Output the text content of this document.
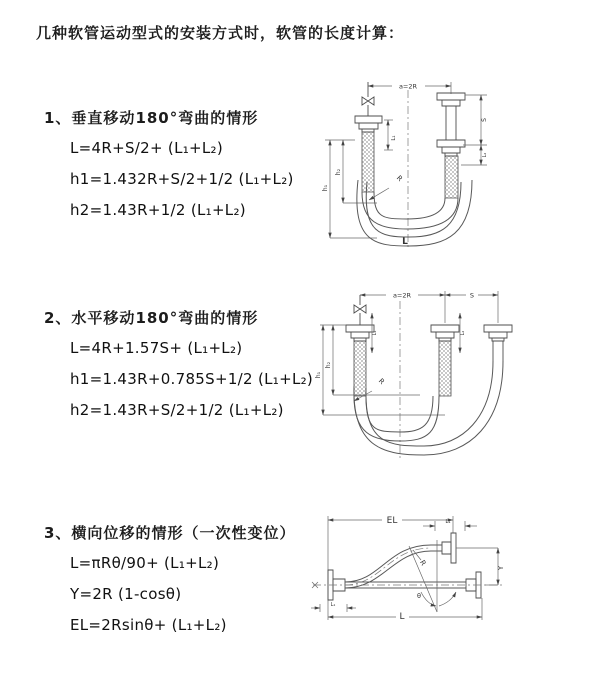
几种软管运动型式的安装方式时，软管的长度计算：
1、垂直移动180°弯曲的情形
L=4R+S/2+ (L₁+L₂)
h1=1.432R+S/2+1/2 (L₁+L₂)
h2=1.43R+1/2 (L₁+L₂)
2、水平移动180°弯曲的情形
L=4R+1.57S+ (L₁+L₂)
h1=1.43R+0.785S+1/2 (L₁+L₂)
h2=1.43R+S/2+1/2 (L₁+L₂)
3、横向位移的情形（一次性变位）
L=πRθ/90+ (L₁+L₂)
Y=2R (1-cosθ)
EL=2Rsinθ+ (L₁+L₂)
a=2R
L₁
S
L₂
h₁
h₂
R
L
a=2R	S
L₁	L₂
h₁
h₂
R
EL	L₁
θ
R
Y
L
L₁
